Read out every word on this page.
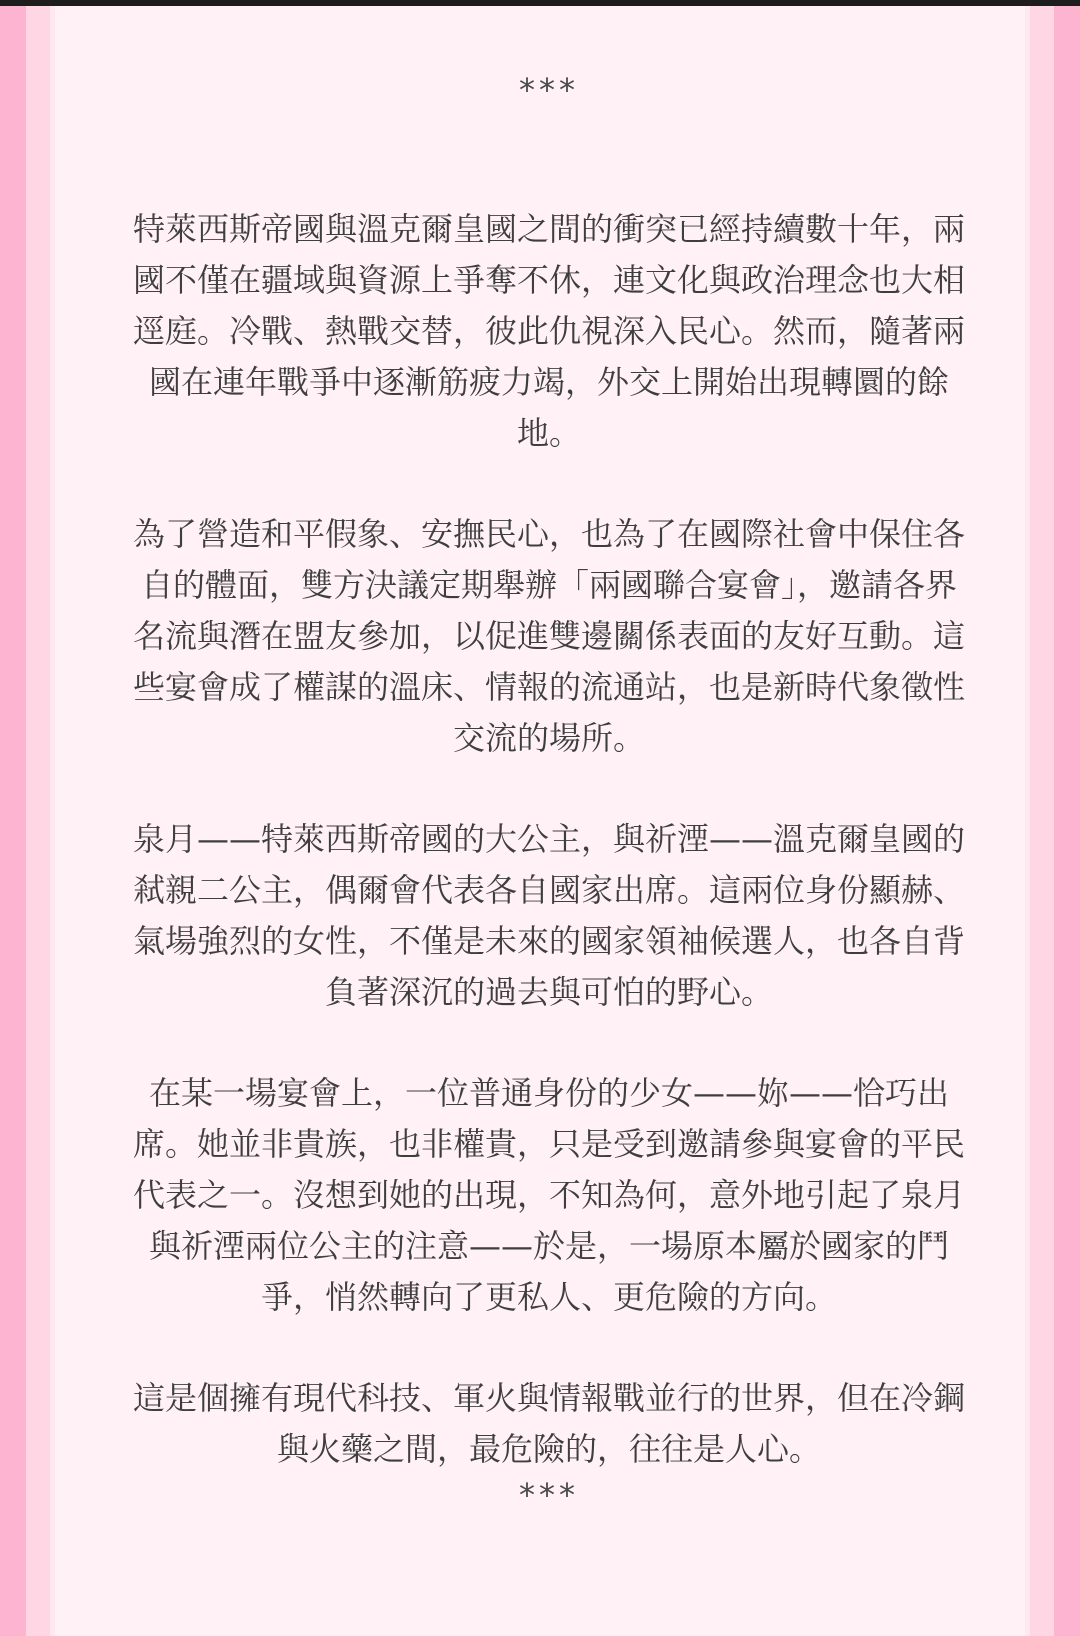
***

特萊西斯帝國與溫克爾皇國之間的衝突已經持續數十年，兩國不僅在疆域與資源上爭奪不休，連文化與政治理念也大相逕庭。冷戰、熱戰交替，彼此仇視深入民心。然而，隨著兩國在連年戰爭中逐漸筋疲力竭，外交上開始出現轉圜的餘地。

為了營造和平假象、安撫民心，也為了在國際社會中保住各自的體面，雙方決議定期舉辦「兩國聯合宴會」，邀請各界名流與潛在盟友參加，以促進雙邊關係表面的友好互動。這些宴會成了權謀的溫床、情報的流通站，也是新時代象徵性交流的場所。

泉月——特萊西斯帝國的大公主，與祈湮——溫克爾皇國的弒親二公主，偶爾會代表各自國家出席。這兩位身份顯赫、氣場強烈的女性，不僅是未來的國家領袖候選人，也各自背負著深沉的過去與可怕的野心。

在某一場宴會上，一位普通身份的少女——妳——恰巧出席。她並非貴族，也非權貴，只是受到邀請參與宴會的平民代表之一。沒想到她的出現，不知為何，意外地引起了泉月與祈湮兩位公主的注意——於是，一場原本屬於國家的鬥爭，悄然轉向了更私人、更危險的方向。

這是個擁有現代科技、軍火與情報戰並行的世界，但在冷鋼與火藥之間，最危險的，往往是人心。

***
